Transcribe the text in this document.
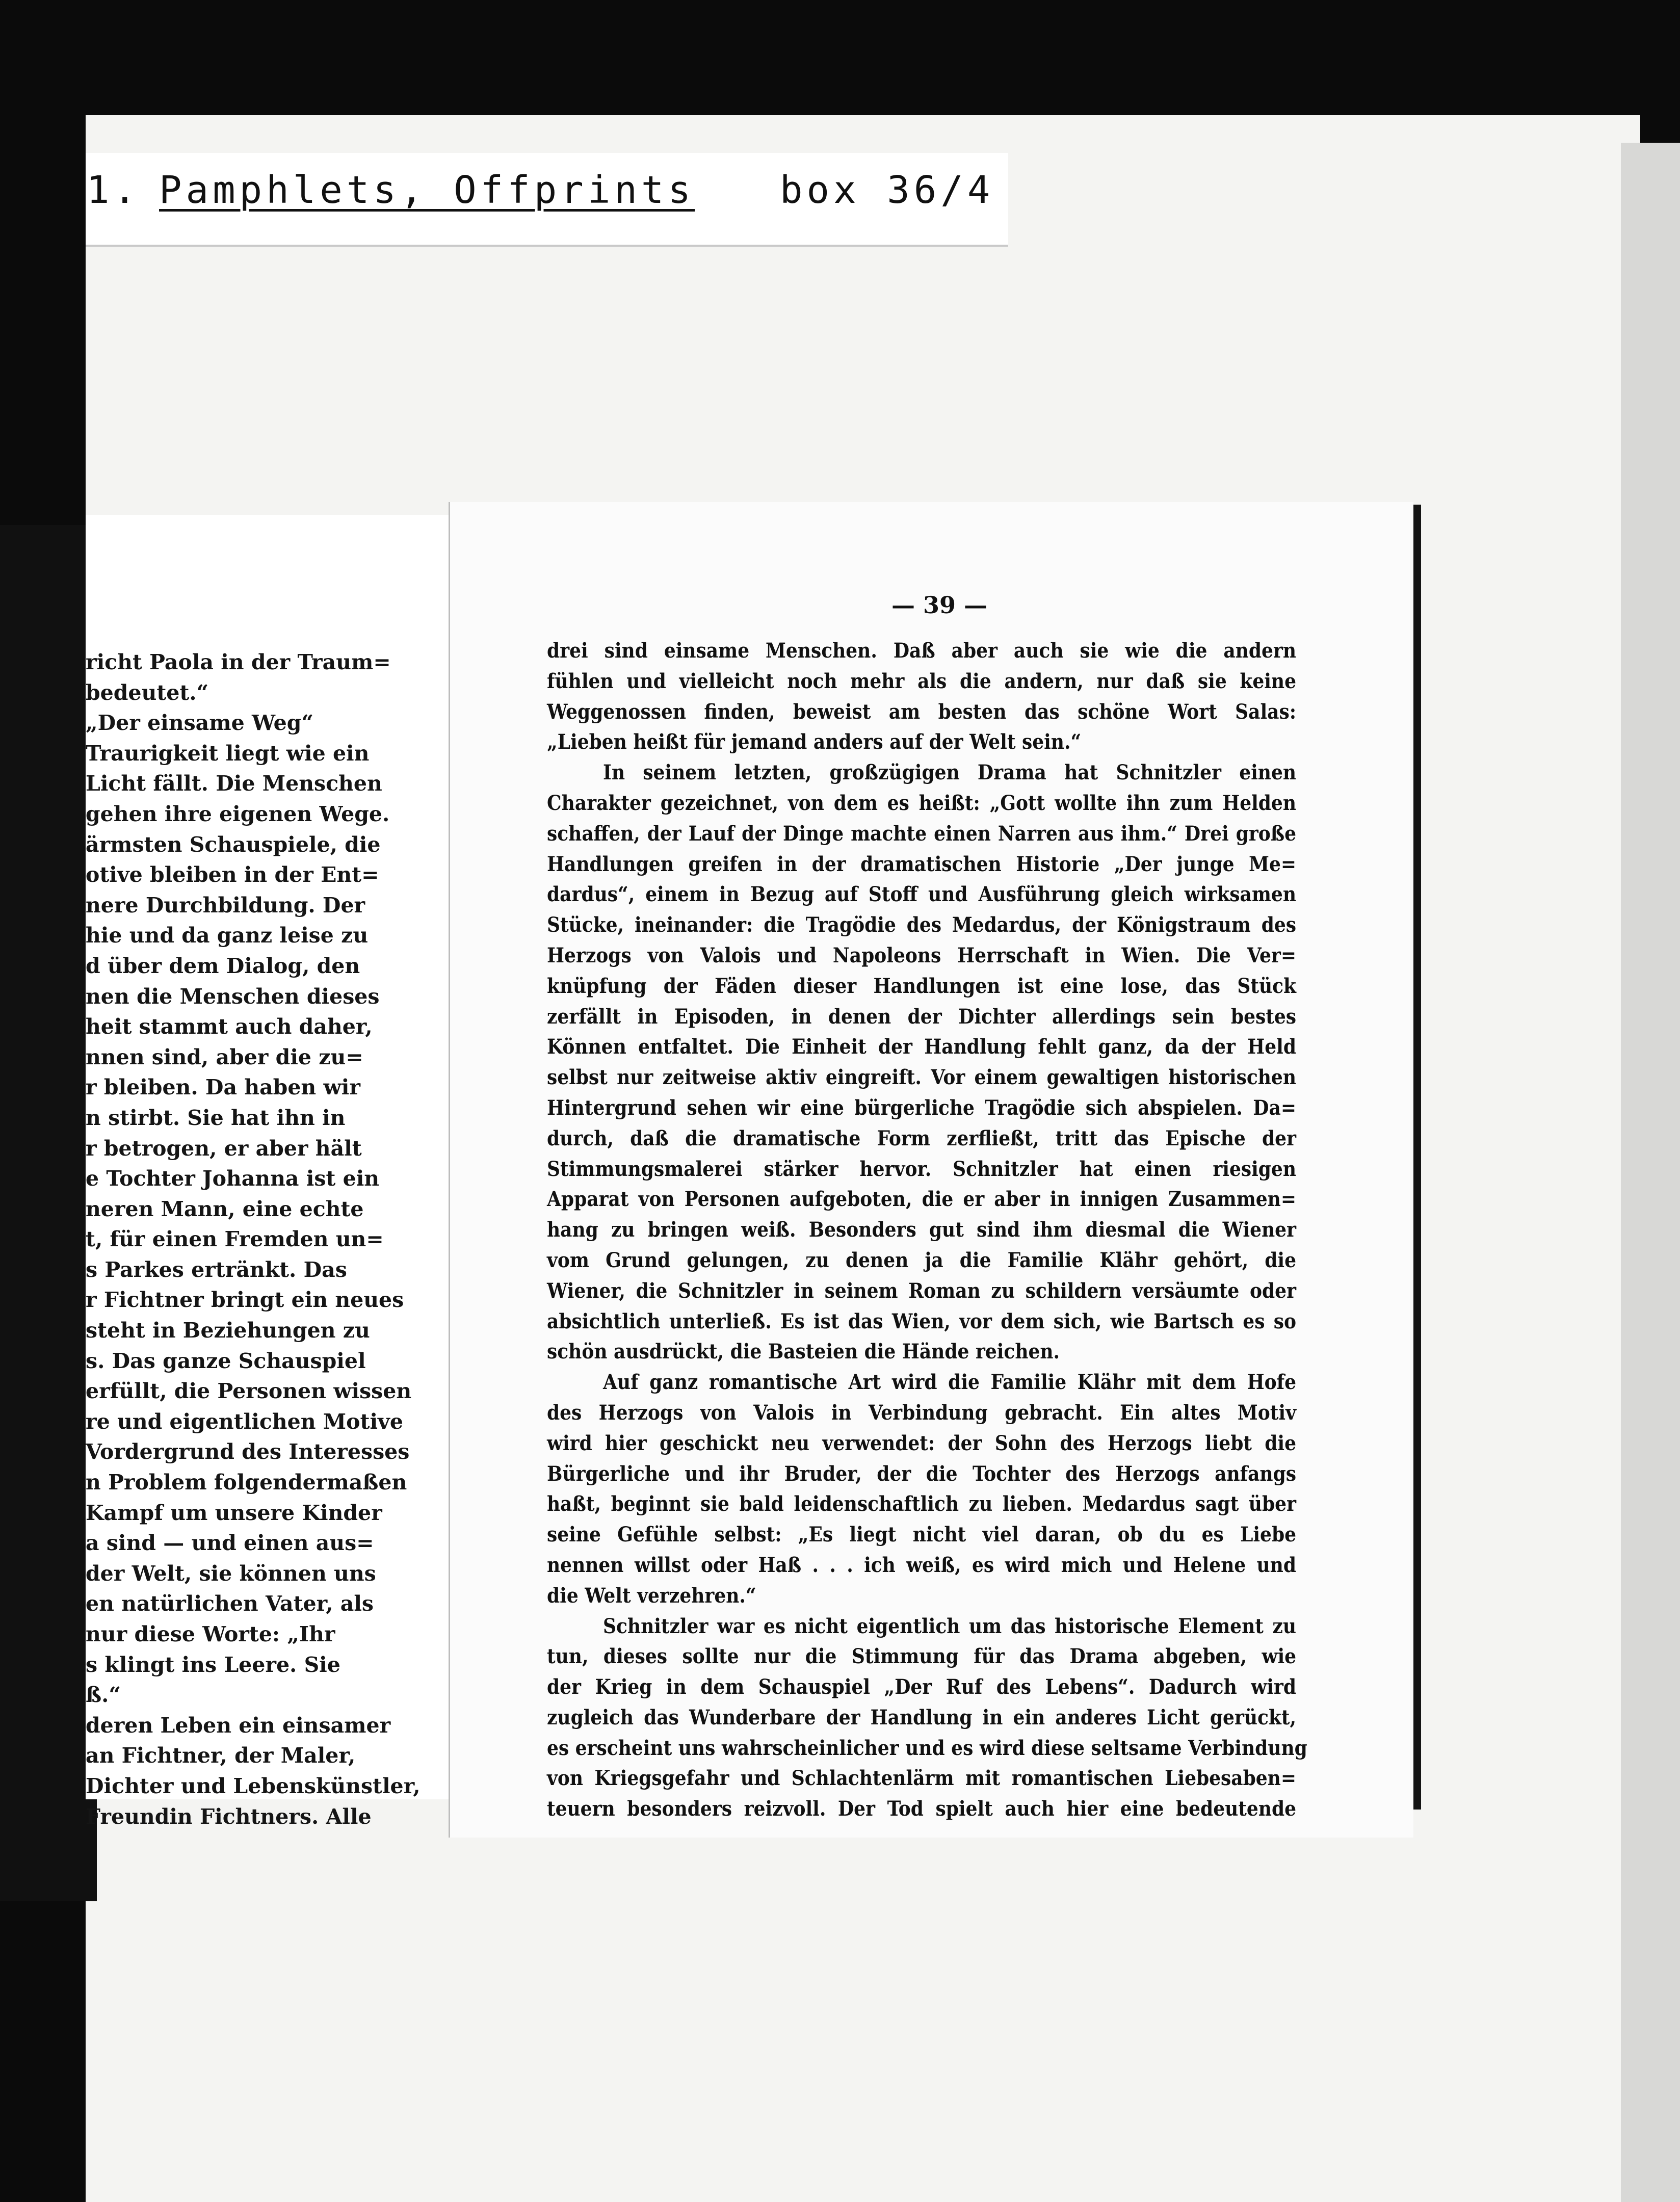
1. Pamphlets, Offprints box 36/4
richt Paola in der Traum=
bedeutet.“
„Der einsame Weg“
Traurigkeit liegt wie ein
Licht fällt. Die Menschen
gehen ihre eigenen Wege.
ärmsten Schauspiele, die
otive bleiben in der Ent=
nere Durchbildung. Der
hie und da ganz leise zu
d über dem Dialog, den
nen die Menschen dieses
heit stammt auch daher,
nnen sind, aber die zu=
r bleiben. Da haben wir
n stirbt. Sie hat ihn in
r betrogen, er aber hält
e Tochter Johanna ist ein
neren Mann, eine echte
t, für einen Fremden un=
s Parkes ertränkt. Das
r Fichtner bringt ein neues
steht in Beziehungen zu
s. Das ganze Schauspiel
erfüllt, die Personen wissen
re und eigentlichen Motive
Vordergrund des Interesses
n Problem folgendermaßen
Kampf um unsere Kinder
a sind — und einen aus=
der Welt, sie können uns
en natürlichen Vater, als
nur diese Worte: „Ihr
s klingt ins Leere. Sie
ß.“
deren Leben ein einsamer
an Fichtner, der Maler,
Dichter und Lebenskünstler,
Freundin Fichtners. Alle
— 39 —
drei sind einsame Menschen. Daß aber auch sie wie die andern
fühlen und vielleicht noch mehr als die andern, nur daß sie keine
Weggenossen finden, beweist am besten das schöne Wort Salas:
„Lieben heißt für jemand anders auf der Welt sein.“
In seinem letzten, großzügigen Drama hat Schnitzler einen
Charakter gezeichnet, von dem es heißt: „Gott wollte ihn zum Helden
schaffen, der Lauf der Dinge machte einen Narren aus ihm.“ Drei große
Handlungen greifen in der dramatischen Historie „Der junge Me=
dardus“, einem in Bezug auf Stoff und Ausführung gleich wirksamen
Stücke, ineinander: die Tragödie des Medardus, der Königstraum des
Herzogs von Valois und Napoleons Herrschaft in Wien. Die Ver=
knüpfung der Fäden dieser Handlungen ist eine lose, das Stück
zerfällt in Episoden, in denen der Dichter allerdings sein bestes
Können entfaltet. Die Einheit der Handlung fehlt ganz, da der Held
selbst nur zeitweise aktiv eingreift. Vor einem gewaltigen historischen
Hintergrund sehen wir eine bürgerliche Tragödie sich abspielen. Da=
durch, daß die dramatische Form zerfließt, tritt das Epische der
Stimmungsmalerei stärker hervor. Schnitzler hat einen riesigen
Apparat von Personen aufgeboten, die er aber in innigen Zusammen=
hang zu bringen weiß. Besonders gut sind ihm diesmal die Wiener
vom Grund gelungen, zu denen ja die Familie Klähr gehört, die
Wiener, die Schnitzler in seinem Roman zu schildern versäumte oder
absichtlich unterließ. Es ist das Wien, vor dem sich, wie Bartsch es so
schön ausdrückt, die Basteien die Hände reichen.
Auf ganz romantische Art wird die Familie Klähr mit dem Hofe
des Herzogs von Valois in Verbindung gebracht. Ein altes Motiv
wird hier geschickt neu verwendet: der Sohn des Herzogs liebt die
Bürgerliche und ihr Bruder, der die Tochter des Herzogs anfangs
haßt, beginnt sie bald leidenschaftlich zu lieben. Medardus sagt über
seine Gefühle selbst: „Es liegt nicht viel daran, ob du es Liebe
nennen willst oder Haß . . . ich weiß, es wird mich und Helene und
die Welt verzehren.“
Schnitzler war es nicht eigentlich um das historische Element zu
tun, dieses sollte nur die Stimmung für das Drama abgeben, wie
der Krieg in dem Schauspiel „Der Ruf des Lebens“. Dadurch wird
zugleich das Wunderbare der Handlung in ein anderes Licht gerückt,
es erscheint uns wahrscheinlicher und es wird diese seltsame Verbindung
von Kriegsgefahr und Schlachtenlärm mit romantischen Liebesaben=
teuern besonders reizvoll. Der Tod spielt auch hier eine bedeutende
